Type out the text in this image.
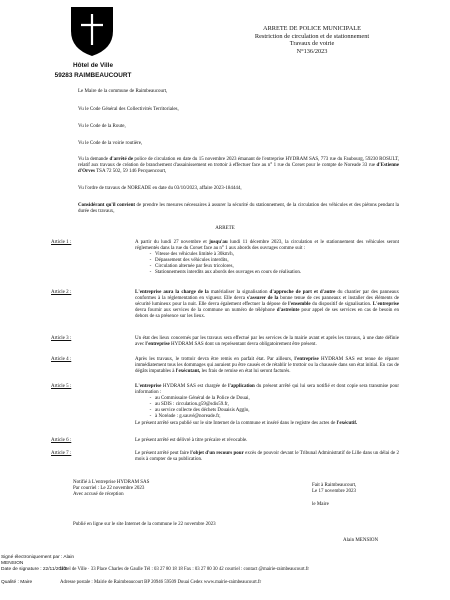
Hôtel de Ville
59283 RAIMBEAUCOURT
ARRETE DE POLICE MUNICIPALE
Restriction de circulation et de stationnement
Travaux de voirie
N°136/2023
Le Maire de la commune de Raimbeaucourt,
Vu le Code Général des Collectivités Territoriales,
Vu le Code de la Route,
Vu le Code de la voirie routière,
Vu la demande d'arrêté de police de circulation en date du 15 novembre 2023 émanant de l'entreprise HYDRAM SAS, 773 rue du Faubourg, 59230 ROSULT, relatif aux travaux de création de branchement d'assainissement en trottoir à effectuer face au n° 1 rue du Corset pour le compte de Noreade 33 rue d'Estienne d'Orves TSA 72 502, 59 146 Pecquencourt,
Vu l'ordre de travaux de NOREADE en date du 03/10/2023, affaire 2023-184444,
Considérant qu'il convient de prendre les mesures nécessaires à assurer la sécurité du stationnement, de la circulation des véhicules et des piétons pendant la durée des travaux,
ARRETE
Article 1 :	A partir du lundi 27 novembre et jusqu'au lundi 11 décembre 2023, la circulation et le stationnement des véhicules seront réglementés dans la rue du Corset face au n° 1 aux abords des ouvrages comme suit :
- Vitesse des véhicules limitée à 30km/h,
- Dépassement des véhicules interdits,
- Circulation alternée par feux tricolores,
- Stationnements interdits aux abords des ouvrages en cours de réalisation.
Article 2 :	L'entreprise aura la charge de la matérialiser la signalisation d'approche de part et d'autre du chantier par des panneaux conformes à la réglementation en vigueur. Elle devra s'assurer de la bonne tenue de ces panneaux et installer des éléments de sécurité lumineux pour la nuit. Elle devra également effectuer la dépose de l'ensemble du dispositif de signalisation. L'entreprise devra fournir aux services de la commune un numéro de téléphone d'astreinte pour appel de ses services en cas de besoin en dehors de sa présence sur les lieux.
Article 3 :	Un état des lieux concernés par les travaux sera effectué par les services de la mairie avant et après les travaux, à une date définie avec l'entreprise HYDRAM SAS dont un représentant devra obligatoirement être présent.
Article 4 :	Après les travaux, le trottoir devra être remis en parfait état. Par ailleurs, l'entreprise HYDRAM SAS est tenue de réparer immédiatement tous les dommages qui auraient pu être causés et de rétablir le trottoir ou la chaussée dans son état initial. En cas de dégâts imputables à l'exécutant, les frais de remise en état lui seront facturés.
Article 5 :	L'entreprise HYDRAM SAS est chargée de l'application du présent arrêté qui lui sera notifié et dont copie sera transmise pour information :
- au Commissaire Général de la Police de Douai,
- au SDIS : circulation.g59@sdis59.fr,
- au service collecte des déchets Douaisis Agglo,
- à Noréade : g.sauvé@noreade.fr,
Le présent arrêté sera publié sur le site Internet de la commune et inséré dans le registre des actes de l'exécutif.
Article 6 :	Le présent arrêté est délivré à titre précaire et révocable.
Article 7 :	Le présent arrêté peut faire l'objet d'un recours pour excès de pouvoir devant le Tribunal Administratif de Lille dans un délai de 2 mois à compter de sa publication.
Notifié à L'entreprise HYDRAM SAS
Par courriel : Le 22 novembre 2023
Avec accusé de réception
Fait à Raimbeaucourt,
Le 17 novembre 2023
le Maire
Publié en ligne sur le site Internet de la commune le 22 novembre 2023
Alain MENSION
Signé électroniquement par : Alain
MENSION
Date de signature : 22/11/2023
Qualité : Maire
Hôtel de Ville · 33 Place Charles de Gaulle Tél : 03 27 80 18 18 Fax : 03 27 80 30 42 courriel : contact @mairie-raimbeaucourt.fr
Adresse postale : Mairie de Raimbeaucourt BP 20946 59509 Douai Cedex www.mairie-raimbeaucourt.fr
